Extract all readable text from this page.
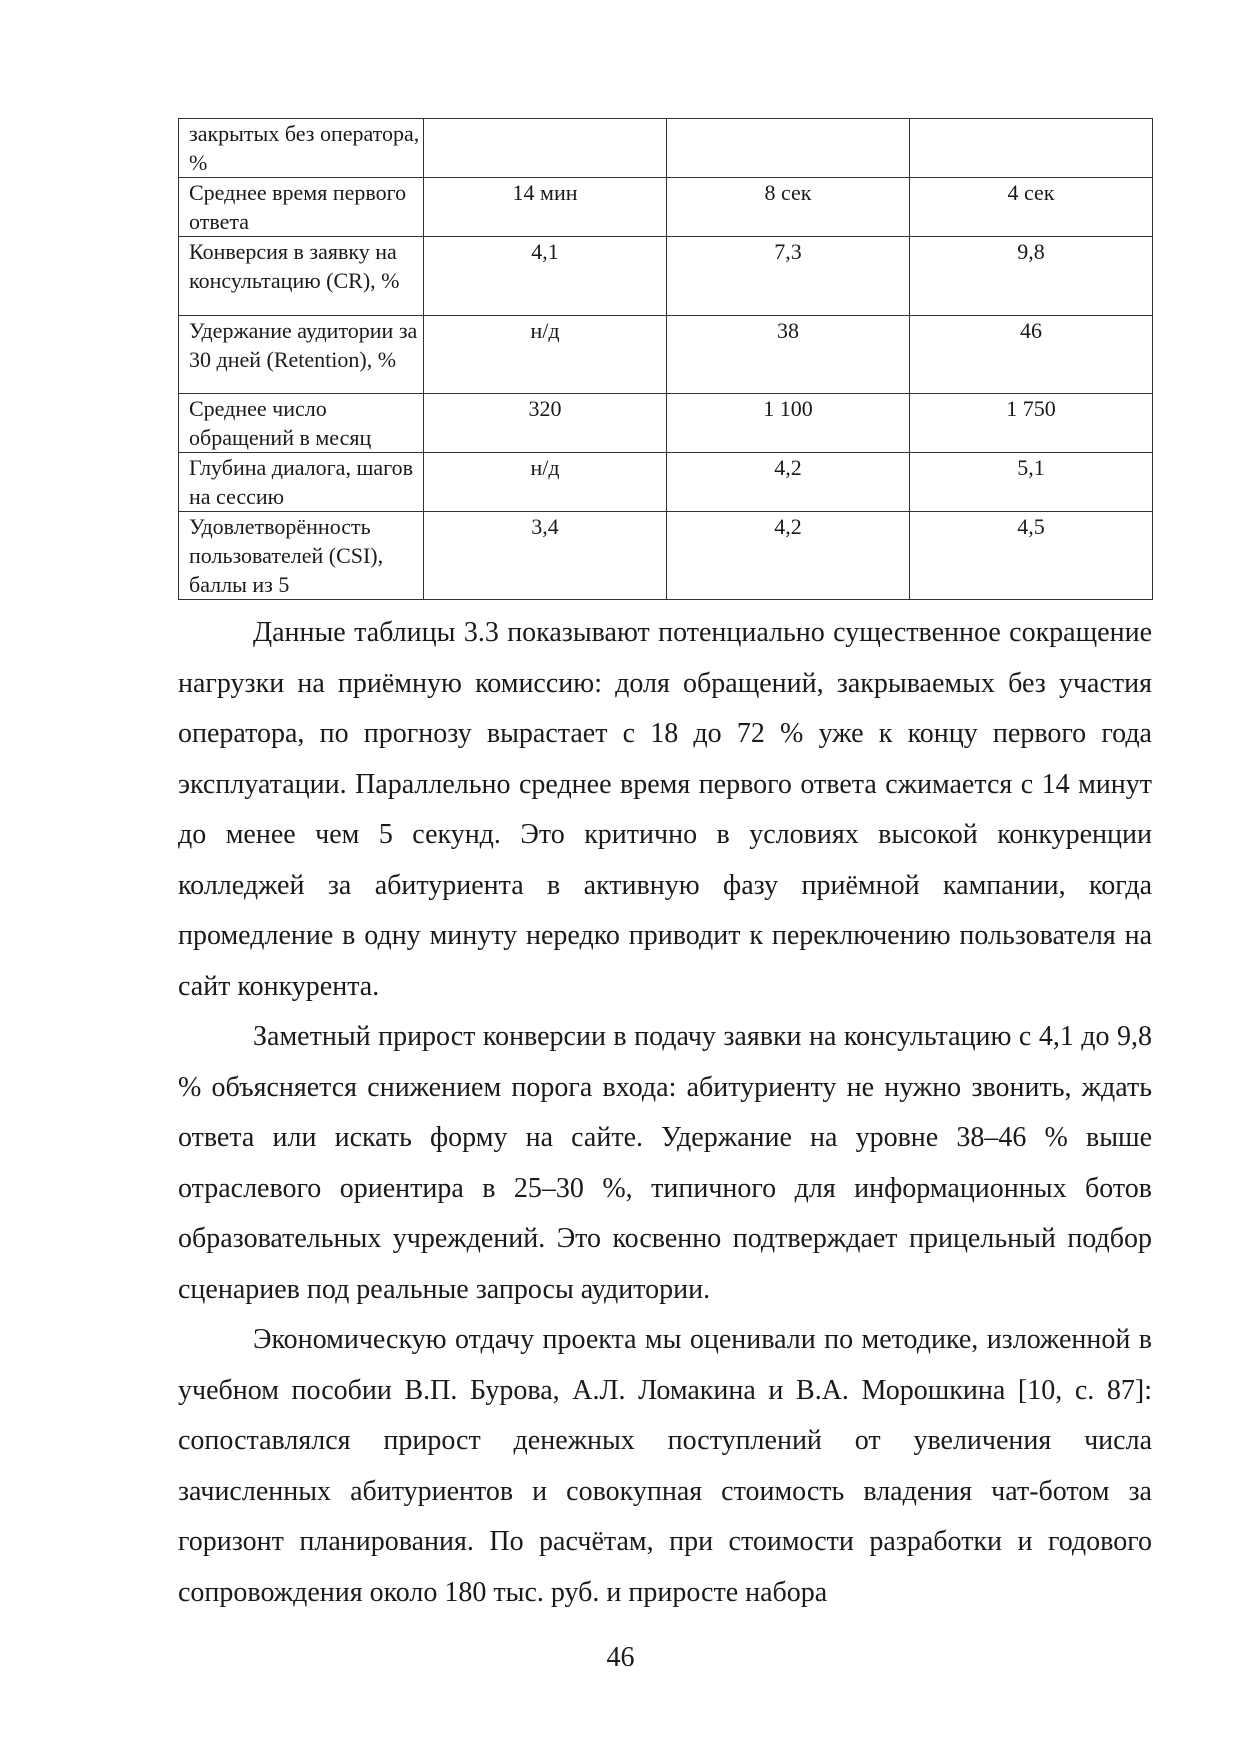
закрытых без оператора, %			
Среднее время первого ответа	14 мин	8 сек	4 сек
Конверсия в заявку на консультацию (CR), %	4,1	7,3	9,8
Удержание аудитории за 30 дней (Retention), %	н/д	38	46
Среднее число обращений в месяц	320	1 100	1 750
Глубина диалога, шагов на сессию	н/д	4,2	5,1
Удовлетворённость пользователей (CSI), баллы из 5	3,4	4,2	4,5

Данные таблицы 3.3 показывают потенциально существенное сокращение нагрузки на приёмную комиссию: доля обращений, закрываемых без участия оператора, по прогнозу вырастает с 18 до 72 % уже к концу первого года эксплуатации. Параллельно среднее время первого ответа сжимается с 14 минут до менее чем 5 секунд. Это критично в условиях высокой конкуренции колледжей за абитуриента в активную фазу приёмной кампании, когда промедление в одну минуту нередко приводит к переключению пользователя на сайт конкурента.

Заметный прирост конверсии в подачу заявки на консультацию с 4,1 до 9,8 % объясняется снижением порога входа: абитуриенту не нужно звонить, ждать ответа или искать форму на сайте. Удержание на уровне 38–46 % выше отраслевого ориентира в 25–30 %, типичного для информационных ботов образовательных учреждений. Это косвенно подтверждает прицельный подбор сценариев под реальные запросы аудитории.

Экономическую отдачу проекта мы оценивали по методике, изложенной в учебном пособии В.П. Бурова, А.Л. Ломакина и В.А. Морошкина [10, с. 87]: сопоставлялся прирост денежных поступлений от увеличения числа зачисленных абитуриентов и совокупная стоимость владения чат-ботом за горизонт планирования. По расчётам, при стоимости разработки и годового сопровождения около 180 тыс. руб. и приросте набора

46
